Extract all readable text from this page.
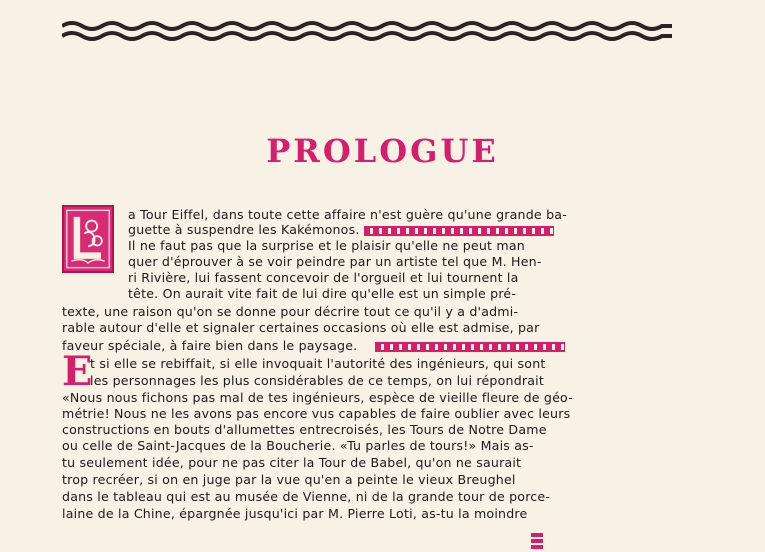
PROLOGUE
E
a Tour Eiffel, dans toute cette affaire n'est guère qu'une grande ba-
guette à suspendre les Kakémonos.
Il ne faut pas que la surprise et le plaisir qu'elle ne peut man
quer d'éprouver à se voir peindre par un artiste tel que M. Hen-
ri Rivière, lui fassent concevoir de l'orgueil et lui tournent la
tête. On aurait vite fait de lui dire qu'elle est un simple pré-
texte, une raison qu'on se donne pour décrire tout ce qu'il y a d'admi-
rable autour d'elle et signaler certaines occasions où elle est admise, par
faveur spéciale, à faire bien dans le paysage.
t si elle se rebiffait, si elle invoquait l'autorité des ingénieurs, qui sont
les personnages les plus considérables de ce temps, on lui répondrait
«Nous nous fichons pas mal de tes ingénieurs, espèce de vieille fleure de géo-
métrie! Nous ne les avons pas encore vus capables de faire oublier avec leurs
constructions en bouts d'allumettes entrecroisés, les Tours de Notre Dame
ou celle de Saint-Jacques de la Boucherie. «Tu parles de tours!» Mais as-
tu seulement idée, pour ne pas citer la Tour de Babel, qu'on ne saurait
trop recréer, si on en juge par la vue qu'en a peinte le vieux Breughel
dans le tableau qui est au musée de Vienne, ni de la grande tour de porce-
laine de la Chine, épargnée jusqu'ici par M. Pierre Loti, as-tu la moindre
